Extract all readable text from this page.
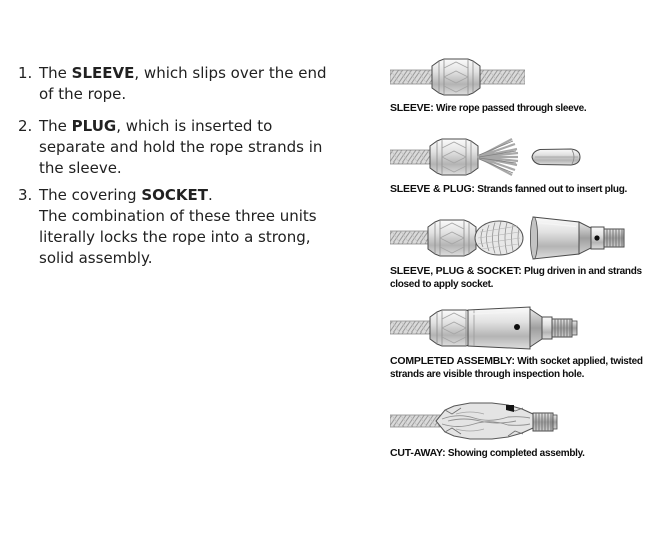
1. The SLEEVE, which slips over the end
of the rope.
2. The PLUG, which is inserted to
separate and hold the rope strands in
the sleeve.
3. The covering SOCKET.
The combination of these three units
literally locks the rope into a strong,
solid assembly.
SLEEVE: Wire rope passed through sleeve.
SLEEVE & PLUG: Strands fanned out to insert plug.
SLEEVE, PLUG & SOCKET: Plug driven in and strands closed to apply socket.
COMPLETED ASSEMBLY: With socket applied, twisted strands are visible through inspection hole.
CUT-AWAY: Showing completed assembly.
